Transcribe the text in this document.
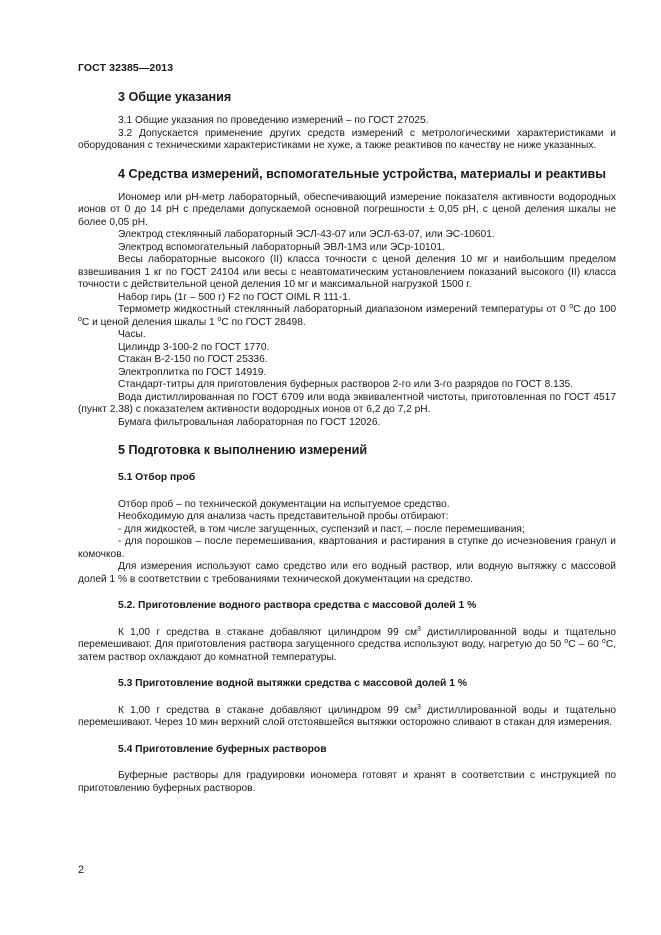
ГОСТ 32385—2013
3 Общие указания

3.1 Общие указания по проведению измерений – по ГОСТ 27025.

3.2 Допускается применение других средств измерений с метрологическими характеристиками и оборудования с техническими характеристиками не хуже, а также реактивов по качеству не ниже указанных.

4 Средства измерений, вспомогательные устройства, материалы и реактивы

Иономер или pH-метр лабораторный, обеспечивающий измерение показателя активности водородных ионов от 0 до 14 pH с пределами допускаемой основной погрешности ± 0,05 pH, с ценой деления шкалы не более 0,05 pH.

Электрод стеклянный лабораторный ЭСЛ-43-07 или ЭСЛ-63-07, или ЭС-10601.

Электрод вспомогательный лабораторный ЭВЛ-1М3 или ЭСр-10101.

Весы лабораторные высокого (II) класса точности с ценой деления 10 мг и наибольшим пределом взвешивания 1 кг по ГОСТ 24104 или весы с неавтоматическим установлением показаний высокого (II) класса точности с действительной ценой деления 10 мг и максимальной нагрузкой 1500 г.

Набор гирь (1г – 500 г) F2 по ГОСТ OIML R 111-1.

Термометр жидкостный стеклянный лабораторный диапазоном измерений температуры от 0 $^o$С до 100 $^o$С и ценой деления шкалы 1 $^o$С по ГОСТ 28498.

Часы.

Цилиндр 3-100-2 по ГОСТ 1770.

Стакан В-2-150 по ГОСТ 25336.

Электроплитка по ГОСТ 14919.

Стандарт-титры для приготовления буферных растворов 2-го или 3-го разрядов по ГОСТ 8.135.

Вода дистиллированная по ГОСТ 6709 или вода эквивалентной чистоты, приготовленная по ГОСТ 4517 (пункт 2.38) с показателем активности водородных ионов от 6,2 до 7,2 pH.

Бумага фильтровальная лабораторная по ГОСТ 12026.

5 Подготовка к выполнению измерений
5.1 Отбор проб

Отбор проб – по технической документации на испытуемое средство.

Необходимую для анализа часть представительной пробы отбирают:

- для жидкостей, в том числе загущенных, суспензий и паст, – после перемешивания;

- для порошков – после перемешивания, квартования и растирания в ступке до исчезновения гранул и комочков.

Для измерения используют само средство или его водный раствор, или водную вытяжку с массовой долей 1 % в соответствии с требованиями технической документации на средство.

5.2. Приготовление водного раствора средства с массовой долей 1 %

К 1,00 г средства в стакане добавляют цилиндром 99 $см^3$ дистиллированной воды и тщательно перемешивают. Для приготовления раствора загущенного средства используют воду, нагретую до 50 $^o$С – 60 $^o$С, затем раствор охлаждают до комнатной температуры.

5.3 Приготовление водной вытяжки средства с массовой долей 1 %

К 1,00 г средства в стакане добавляют цилиндром 99 $см^3$ дистиллированной воды и тщательно перемешивают. Через 10 мин верхний слой отстоявшейся вытяжки осторожно сливают в стакан для измерения.

5.4 Приготовление буферных растворов

Буферные растворы для градуировки иономера готовят и хранят в соответствии с инструкцией по приготовлению буферных растворов.

2
